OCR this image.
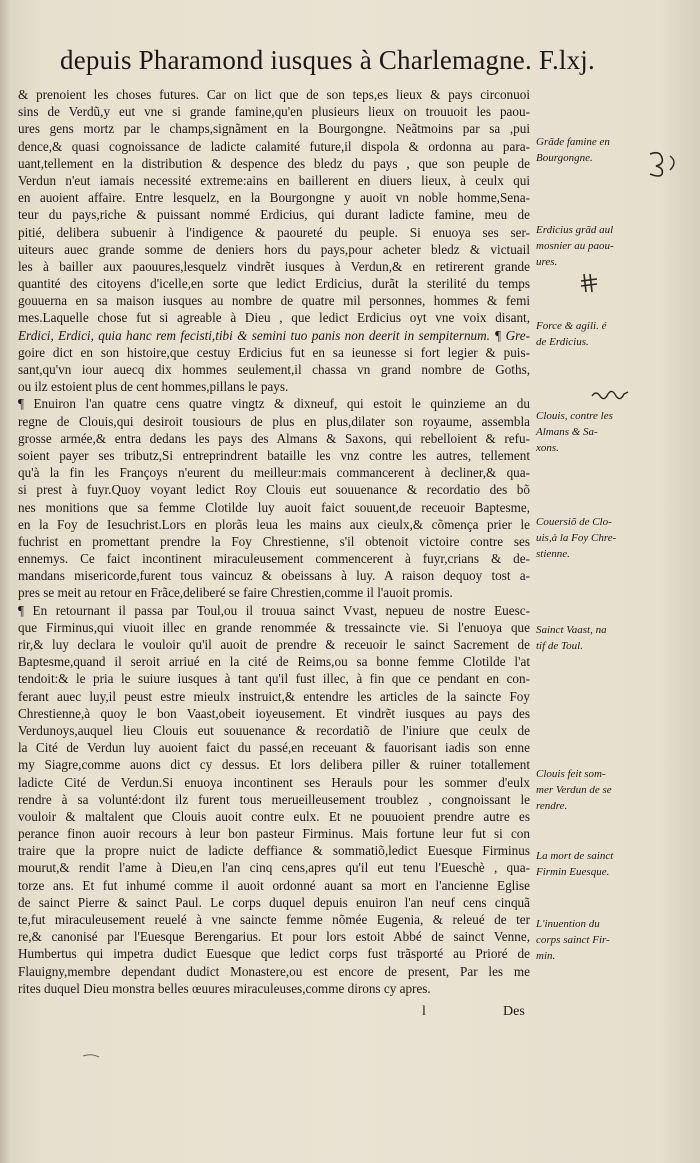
depuis Pharamond iusques à Charlemagne. F.lxj.
& prenoient les choses futures. Car on lict que de son teps,es lieux & pays circonuoi
sins de Verdũ,y eut vne si grande famine,qu'en plusieurs lieux on trouuoit les paou-
ures gens mortz par le champs,signãment en la Bourgongne. Neãtmoins par sa ,pui
dence,& quasi cognoissance de ladicte calamité future,il dispola & ordonna au para-
uant,tellement en la distribution & despence des bledz du pays , que son peuple de
Verdun n'eut iamais necessité extreme:ains en baillerent en diuers lieux, à ceulx qui
en auoient affaire. Entre lesquelz, en la Bourgongne y auoit vn noble homme,Sena-
teur du pays,riche & puissant nommé Erdicius, qui durant ladicte famine, meu de
pitié, delibera subuenir à l'indigence & paoureté du peuple. Si enuoya ses ser-
uiteurs auec grande somme de deniers hors du pays,pour acheter bledz & victuail
les à bailler aux paouures,lesquelz vindrẽt iusques à Verdun,& en retirerent grande
quantité des citoyens d'icelle,en sorte que ledict Erdicius, durãt la sterilité du temps
gouuerna en sa maison iusques au nombre de quatre mil personnes, hommes & femi
mes.Laquelle chose fut si agreable à Dieu , que ledict Erdicius oyt vne voix disant,
Erdici, Erdici, quia hanc rem fecisti,tibi & semini tuo panis non deerit in sempiternum. ¶ Gre-
goire dict en son histoire,que cestuy Erdicius fut en sa ieunesse si fort legier & puis-
sant,qu'vn iour auecq dix hommes seulement,il chassa vn grand nombre de Goths,
ou ilz estoient plus de cent hommes,pillans le pays.
¶ Enuiron l'an quatre cens quatre vingtz & dixneuf, qui estoit le quinzieme an du
regne de Clouis,qui desiroit tousiours de plus en plus,dilater son royaume, assembla
grosse armée,& entra dedans les pays des Almans & Saxons, qui rebelloient & refu-
soient payer ses tributz,Si entreprindrent bataille les vnz contre les autres, tellement
qu'à la fin les Françoys n'eurent du meilleur:mais commancerent à decliner,& qua-
si prest à fuyr.Quoy voyant ledict Roy Clouis eut souuenance & recordatio des bõ
nes monitions que sa femme Clotilde luy auoit faict souuent,de receuoir Baptesme,
en la Foy de Iesuchrist.Lors en plorãs leua les mains aux cieulx,& cõmença prier le
fuchrist en promettant prendre la Foy Chrestienne, s'il obtenoit victoire contre ses
ennemys. Ce faict incontinent miraculeusement commencerent à fuyr,crians & de-
mandans misericorde,furent tous vaincuz & obeissans à luy. A raison dequoy tost a-
pres se meit au retour en Frãce,deliberé se faire Chrestien,comme il l'auoit promis.
¶ En retournant il passa par Toul,ou il trouua sainct Vvast, nepueu de nostre Euesc-
que Firminus,qui viuoit illec en grande renommée & tressaincte vie. Si l'enuoya que
rir,& luy declara le vouloir qu'il auoit de prendre & receuoir le sainct Sacrement de
Baptesme,quand il seroit arriué en la cité de Reims,ou sa bonne femme Clotilde l'at
tendoit:& le pria le suiure iusques à tant qu'il fust illec, à fin que ce pendant en con-
ferant auec luy,il peust estre mieulx instruict,& entendre les articles de la saincte Foy
Chrestienne,à quoy le bon Vaast,obeit ioyeusement. Et vindrẽt iusques au pays des
Verdunoys,auquel lieu Clouis eut souuenance & recordatiõ de l'iniure que ceulx de
la Cité de Verdun luy auoient faict du passé,en receuant & fauorisant iadis son enne
my Siagre,comme auons dict cy dessus. Et lors delibera piller & ruiner totallement
ladicte Cité de Verdun.Si enuoya incontinent ses Herauls pour les sommer d'eulx
rendre à sa volunté:dont ilz furent tous merueilleusement troublez , congnoissant le
vouloir & maltalent que Clouis auoit contre eulx. Et ne pouuoient prendre autre es
perance finon auoir recours à leur bon pasteur Firminus. Mais fortune leur fut si con
traire que la propre nuict de ladicte deffiance & sommatiõ,ledict Euesque Firminus
mourut,& rendit l'ame à Dieu,en l'an cinq cens,apres qu'il eut tenu l'Eueschè , qua-
torze ans. Et fut inhumé comme il auoit ordonné auant sa mort en l'ancienne Eglise
de sainct Pierre & sainct Paul. Le corps duquel depuis enuiron l'an neuf cens cinquã
te,fut miraculeusement reuelé à vne saincte femme nõmée Eugenia, & releué de ter
re,& canonisé par l'Euesque Berengarius. Et pour lors estoit Abbé de sainct Venne,
Humbertus qui impetra dudict Euesque que ledict corps fust trãsporté au Prioré de
Flauigny,membre dependant dudict Monastere,ou est encore de present, Par les me
rites duquel Dieu monstra belles œuures miraculeuses,comme dirons cy apres.
Grãde famine en
Bourgongne.
Erdicius grãd aul
mosnier au paou-
ures.
Force & agili. é
de Erdicius.
Clouis, contre les
Almans & Sa-
xons.
Couersiõ de Clo-
uis,à la Foy Chre-
stienne.
Sainct Vaast, na
tif de Toul.
Clouis feit som-
mer Verdun de se
rendre.
La mort de sainct
Firmin Euesque.
L'inuention du
corps sainct Fir-
min.
l	Des
